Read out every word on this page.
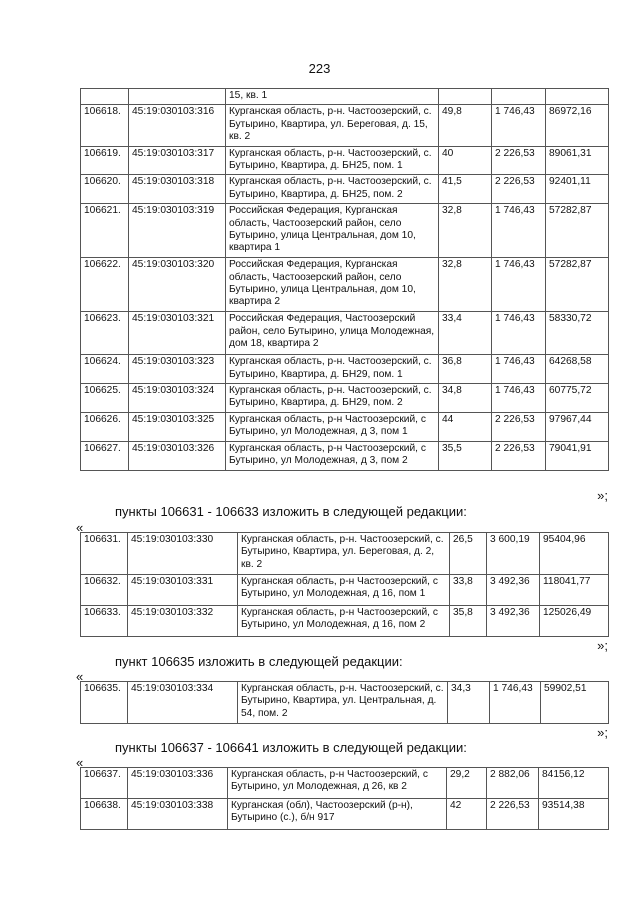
223
		15, кв. 1			
106618.	45:19:030103:316	Курганская область, р-н. Частоозерский, с. Бутырино, Квартира, ул. Береговая, д. 15, кв. 2	49,8	1 746,43	86972,16
106619.	45:19:030103:317	Курганская область, р-н. Частоозерский, с. Бутырино, Квартира, д. БН25, пом. 1	40	2 226,53	89061,31
106620.	45:19:030103:318	Курганская область, р-н. Частоозерский, с. Бутырино, Квартира, д. БН25, пом. 2	41,5	2 226,53	92401,11
106621.	45:19:030103:319	Российская Федерация, Курганская область, Частоозерский район, село Бутырино, улица Центральная, дом 10, квартира 1	32,8	1 746,43	57282,87
106622.	45:19:030103:320	Российская Федерация, Курганская область, Частоозерский район, село Бутырино, улица Центральная, дом 10, квартира 2	32,8	1 746,43	57282,87
106623.	45:19:030103:321	Российская Федерация, Частоозерский район, село Бутырино, улица Молодежная, дом 18, квартира 2	33,4	1 746,43	58330,72
106624.	45:19:030103:323	Курганская область, р-н. Частоозерский, с. Бутырино, Квартира, д. БН29, пом. 1	36,8	1 746,43	64268,58
106625.	45:19:030103:324	Курганская область, р-н. Частоозерский, с. Бутырино, Квартира, д. БН29, пом. 2	34,8	1 746,43	60775,72
106626.	45:19:030103:325	Курганская область, р-н Частоозерский, с Бутырино, ул Молодежная, д 3, пом 1	44	2 226,53	97967,44
106627.	45:19:030103:326	Курганская область, р-н Частоозерский, с Бутырино, ул Молодежная, д 3, пом 2	35,5	2 226,53	79041,91
»;
пункты 106631 - 106633 изложить в следующей редакции:
«
106631.	45:19:030103:330	Курганская область, р-н. Частоозерский, с. Бутырино, Квартира, ул. Береговая, д. 2, кв. 2	26,5	3 600,19	95404,96
106632.	45:19:030103:331	Курганская область, р-н Частоозерский, с Бутырино, ул Молодежная, д 16, пом 1	33,8	3 492,36	118041,77
106633.	45:19:030103:332	Курганская область, р-н Частоозерский, с Бутырино, ул Молодежная, д 16, пом 2	35,8	3 492,36	125026,49
»;
пункт 106635 изложить в следующей редакции:
«
106635.	45:19:030103:334	Курганская область, р-н. Частоозерский, с. Бутырино, Квартира, ул. Центральная, д. 54, пом. 2	34,3	1 746,43	59902,51
»;
пункты 106637 - 106641 изложить в следующей редакции:
«
106637.	45:19:030103:336	Курганская область, р-н Частоозерский, с Бутырино, ул Молодежная, д 26, кв 2	29,2	2 882,06	84156,12
106638.	45:19:030103:338	Курганская (обл), Частоозерский (р-н), Бутырино (с.), б/н 917	42	2 226,53	93514,38
